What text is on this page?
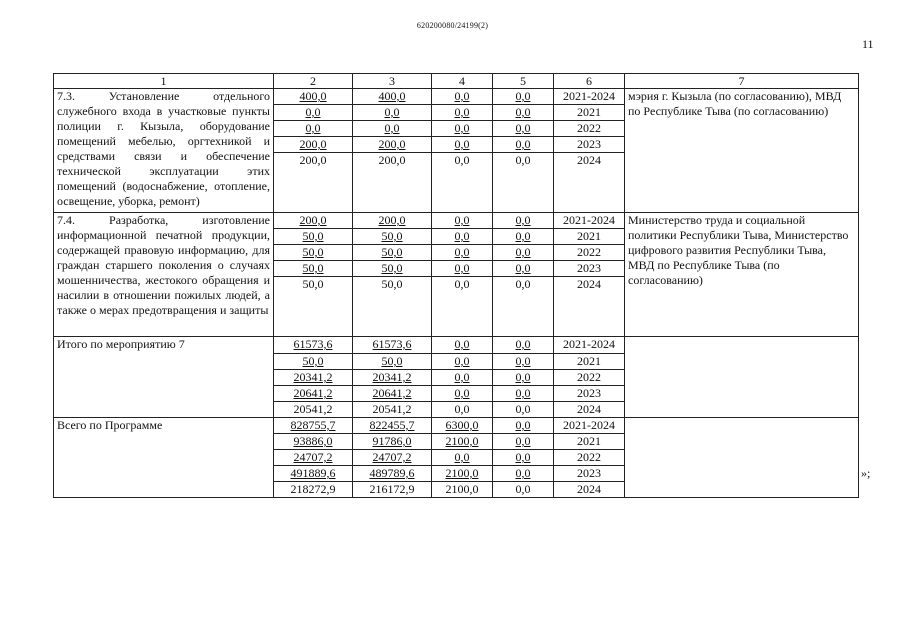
620200080/24199(2)
11
1	2	3	4	5	6	7
7.3. Установление отдельного служебного входа в участковые пункты полиции г. Кызыла, оборудование помещений мебелью, оргтехникой и средствами связи и обеспечение технической эксплуатации этих помещений (водоснабжение, отопление, освещение, уборка, ремонт)	400,0	400,0	0,0	0,0	2021-2024	мэрия г. Кызыла (по согласованию), МВД по Республике Тыва (по согласованию)
	0,0	0,0	0,0	0,0	2021	
	0,0	0,0	0,0	0,0	2022	
	200,0	200,0	0,0	0,0	2023	
	200,0	200,0	0,0	0,0	2024	
7.4. Разработка, изготовление информационной печатной продукции, содержащей правовую информацию, для граждан старшего поколения о случаях мошенничества, жестокого обращения и насилии в отношении пожилых людей, а также о мерах предотвращения и защиты	200,0	200,0	0,0	0,0	2021-2024	Министерство труда и социальной политики Республики Тыва, Министерство цифрового развития Республики Тыва, МВД по Республике Тыва (по согласованию)
	50,0	50,0	0,0	0,0	2021	
	50,0	50,0	0,0	0,0	2022	
	50,0	50,0	0,0	0,0	2023	
	50,0	50,0	0,0	0,0	2024	
Итого по мероприятию 7	61573,6	61573,6	0,0	0,0	2021-2024	
	50,0	50,0	0,0	0,0	2021	
	20341,2	20341,2	0,0	0,0	2022	
	20641,2	20641,2	0,0	0,0	2023	
	20541,2	20541,2	0,0	0,0	2024	
Всего по Программе	828755,7	822455,7	6300,0	0,0	2021-2024	
	93886,0	91786,0	2100,0	0,0	2021	
	24707,2	24707,2	0,0	0,0	2022	
	491889,6	489789,6	2100,0	0,0	2023	
	218272,9	216172,9	2100,0	0,0	2024	
»;
